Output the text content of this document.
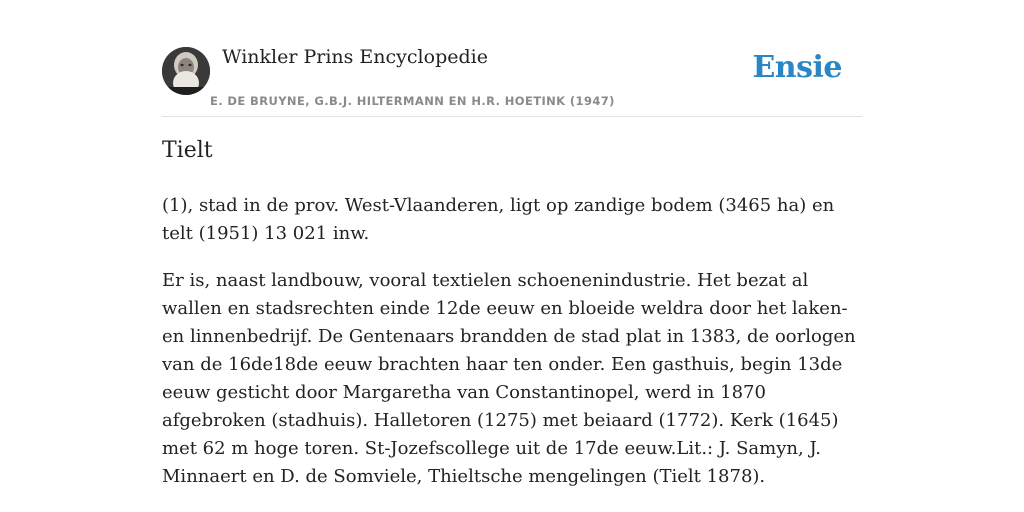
Winkler Prins Encyclopedie
E. DE BRUYNE, G.B.J. HILTERMANN EN H.R. HOETINK (1947)
Ensie
Tielt

(1), stad in de prov. West-Vlaanderen, ligt op zandige bodem (3465 ha) en telt (1951) 13 021 inw.

Er is, naast landbouw, vooral textielen schoenenindustrie. Het bezat al wallen en stadsrechten einde 12de eeuw en bloeide weldra door het laken- en linnenbedrijf. De Gentenaars brandden de stad plat in 1383, de oorlogen van de 16de18de eeuw brachten haar ten onder. Een gasthuis, begin 13de eeuw gesticht door Margaretha van Constantinopel, werd in 1870 afgebroken (stadhuis). Halletoren (1275) met beiaard (1772). Kerk (1645) met 62 m hoge toren. St-Jozefscollege uit de 17de eeuw.Lit.: J. Samyn, J. Minnaert en D. de Somviele, Thieltsche mengelingen (Tielt 1878).
